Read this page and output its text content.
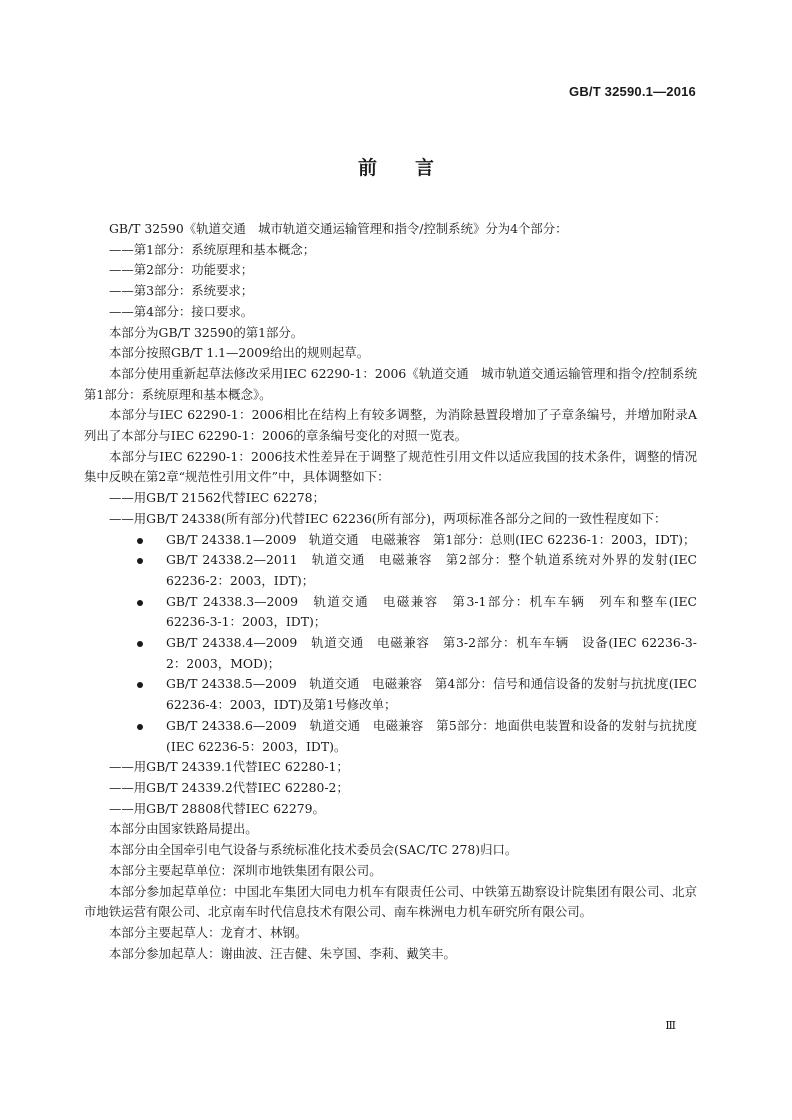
GB/T 32590.1—2016
前言

GB/T 32590《轨道交通　城市轨道交通运输管理和指令/控制系统》分为4个部分：

——第1部分：系统原理和基本概念；

——第2部分：功能要求；

——第3部分：系统要求；

——第4部分：接口要求。

本部分为GB/T 32590的第1部分。

本部分按照GB/T 1.1—2009给出的规则起草。

本部分使用重新起草法修改采用IEC 62290-1：2006《轨道交通　城市轨道交通运输管理和指令/控制系统　第1部分：系统原理和基本概念》。

本部分与IEC 62290-1：2006相比在结构上有较多调整，为消除悬置段增加了子章条编号，并增加附录A列出了本部分与IEC 62290-1：2006的章条编号变化的对照一览表。

本部分与IEC 62290-1：2006技术性差异在于调整了规范性引用文件以适应我国的技术条件，调整的情况集中反映在第2章“规范性引用文件”中，具体调整如下：

——用GB/T 21562代替IEC 62278；

——用GB/T 24338(所有部分)代替IEC 62236(所有部分)，两项标准各部分之间的一致性程度如下：

GB/T 24338.1—2009　轨道交通　电磁兼容　第1部分：总则(IEC 62236-1：2003，IDT)；
GB/T 24338.2—2011　轨道交通　电磁兼容　第2部分：整个轨道系统对外界的发射(IEC 62236-2：2003，IDT)；
GB/T 24338.3—2009　轨道交通　电磁兼容　第3-1部分：机车车辆　列车和整车(IEC 62236-3-1：2003，IDT)；
GB/T 24338.4—2009　轨道交通　电磁兼容　第3-2部分：机车车辆　设备(IEC 62236-3-2：2003，MOD)；
GB/T 24338.5—2009　轨道交通　电磁兼容　第4部分：信号和通信设备的发射与抗扰度(IEC 62236-4：2003，IDT)及第1号修改单；
GB/T 24338.6—2009　轨道交通　电磁兼容　第5部分：地面供电装置和设备的发射与抗扰度(IEC 62236-5：2003，IDT)。

——用GB/T 24339.1代替IEC 62280-1；

——用GB/T 24339.2代替IEC 62280-2；

——用GB/T 28808代替IEC 62279。

本部分由国家铁路局提出。

本部分由全国牵引电气设备与系统标准化技术委员会(SAC/TC 278)归口。

本部分主要起草单位：深圳市地铁集团有限公司。

本部分参加起草单位：中国北车集团大同电力机车有限责任公司、中铁第五勘察设计院集团有限公司、北京市地铁运营有限公司、北京南车时代信息技术有限公司、南车株洲电力机车研究所有限公司。

本部分主要起草人：龙育才、林钢。

本部分参加起草人：谢曲波、汪吉健、朱亨国、李莉、戴笑丰。

Ⅲ
